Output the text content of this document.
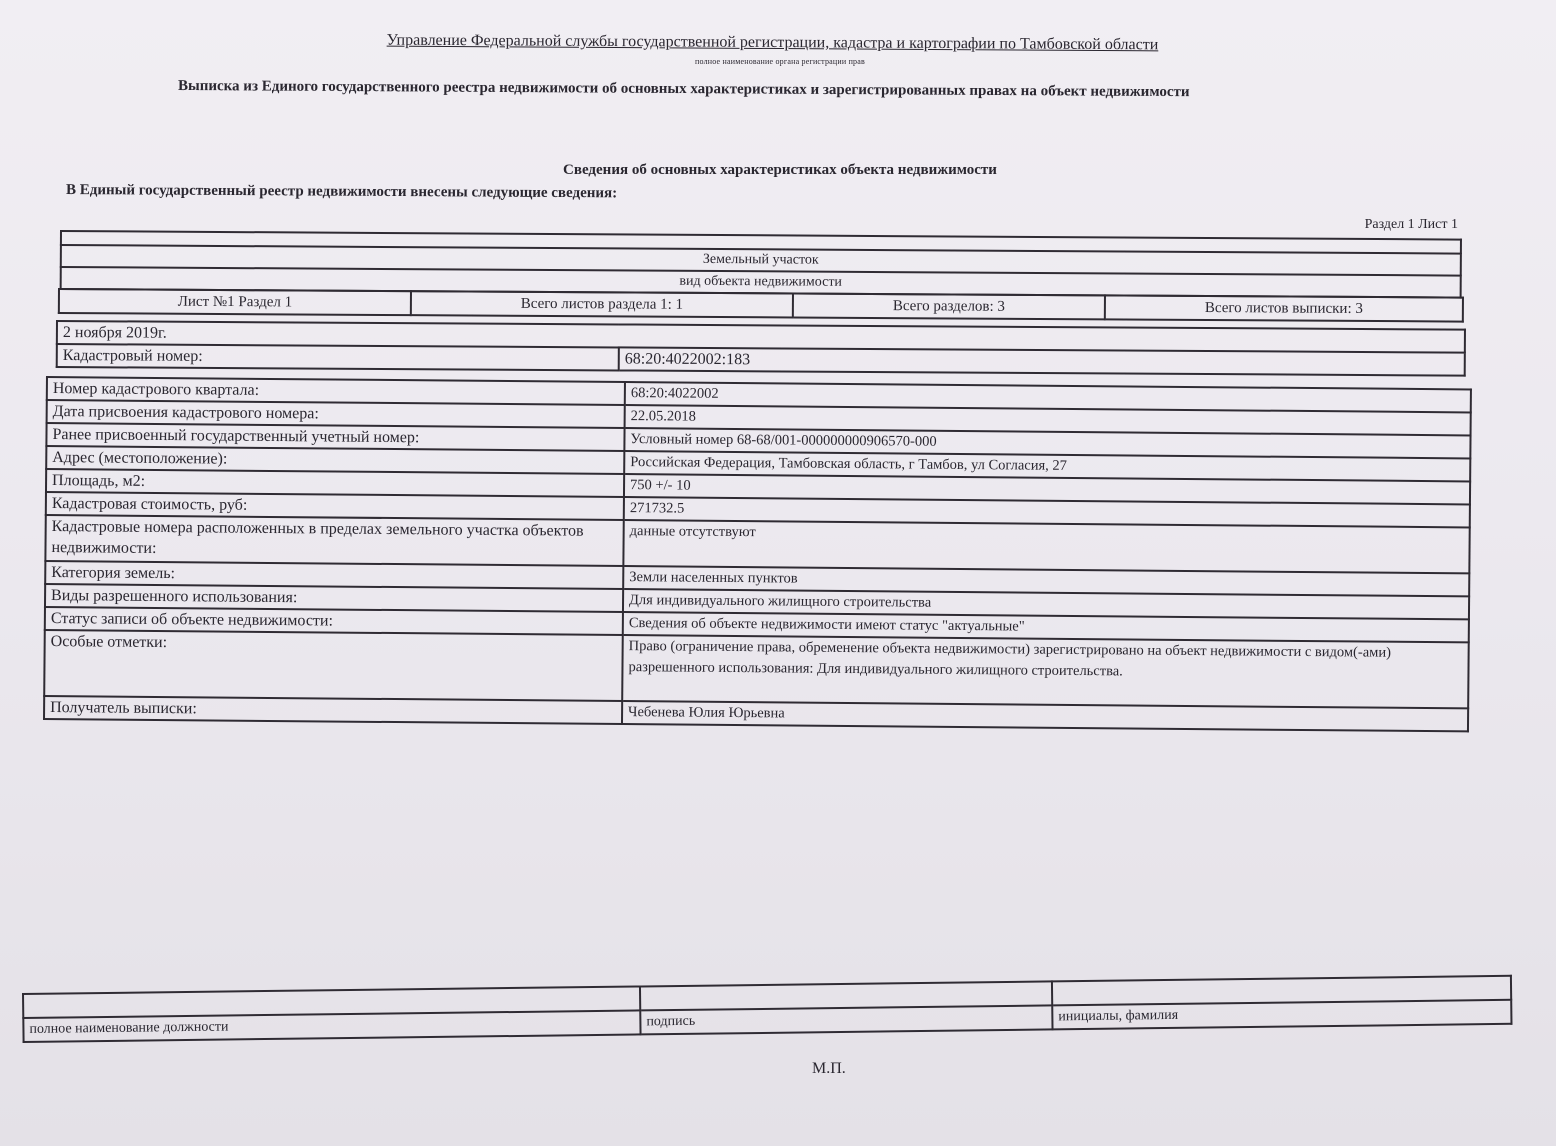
Управление Федеральной службы государственной регистрации, кадастра и картографии по Тамбовской области
полное наименование органа регистрации прав
Выписка из Единого государственного реестра недвижимости об основных характеристиках и зарегистрированных правах на объект недвижимости
Сведения об основных характеристиках объекта недвижимости
В Единый государственный реестр недвижимости внесены следующие сведения:
Раздел 1 Лист 1

Земельный участок
вид объекта недвижимости
Лист №1 Раздел 1	Всего листов раздела 1: 1	Всего разделов: 3	Всего листов выписки: 3
2 ноября 2019г.
Кадастровый номер:	68:20:4022002:183
Номер кадастрового квартала:	68:20:4022002
Дата присвоения кадастрового номера:	22.05.2018
Ранее присвоенный государственный учетный номер:	Условный номер 68-68/001-000000000906570-000
Адрес (местоположение):	Российская Федерация, Тамбовская область, г Тамбов, ул Согласия, 27
Площадь, м2:	750 +/- 10
Кадастровая стоимость, руб:	271732.5
Кадастровые номера расположенных в пределах земельного участка объектов недвижимости:	данные отсутствуют
Категория земель:	Земли населенных пунктов
Виды разрешенного использования:	Для индивидуального жилищного строительства
Статус записи об объекте недвижимости:	Сведения об объекте недвижимости имеют статус "актуальные"
Особые отметки:	Право (ограничение права, обременение объекта недвижимости) зарегистрировано на объект недвижимости с видом(-ами) разрешенного использования: Для индивидуального жилищного строительства.
Получатель выписки:	Чебенева Юлия Юрьевна

полное наименование должности	подпись	инициалы, фамилия
М.П.
